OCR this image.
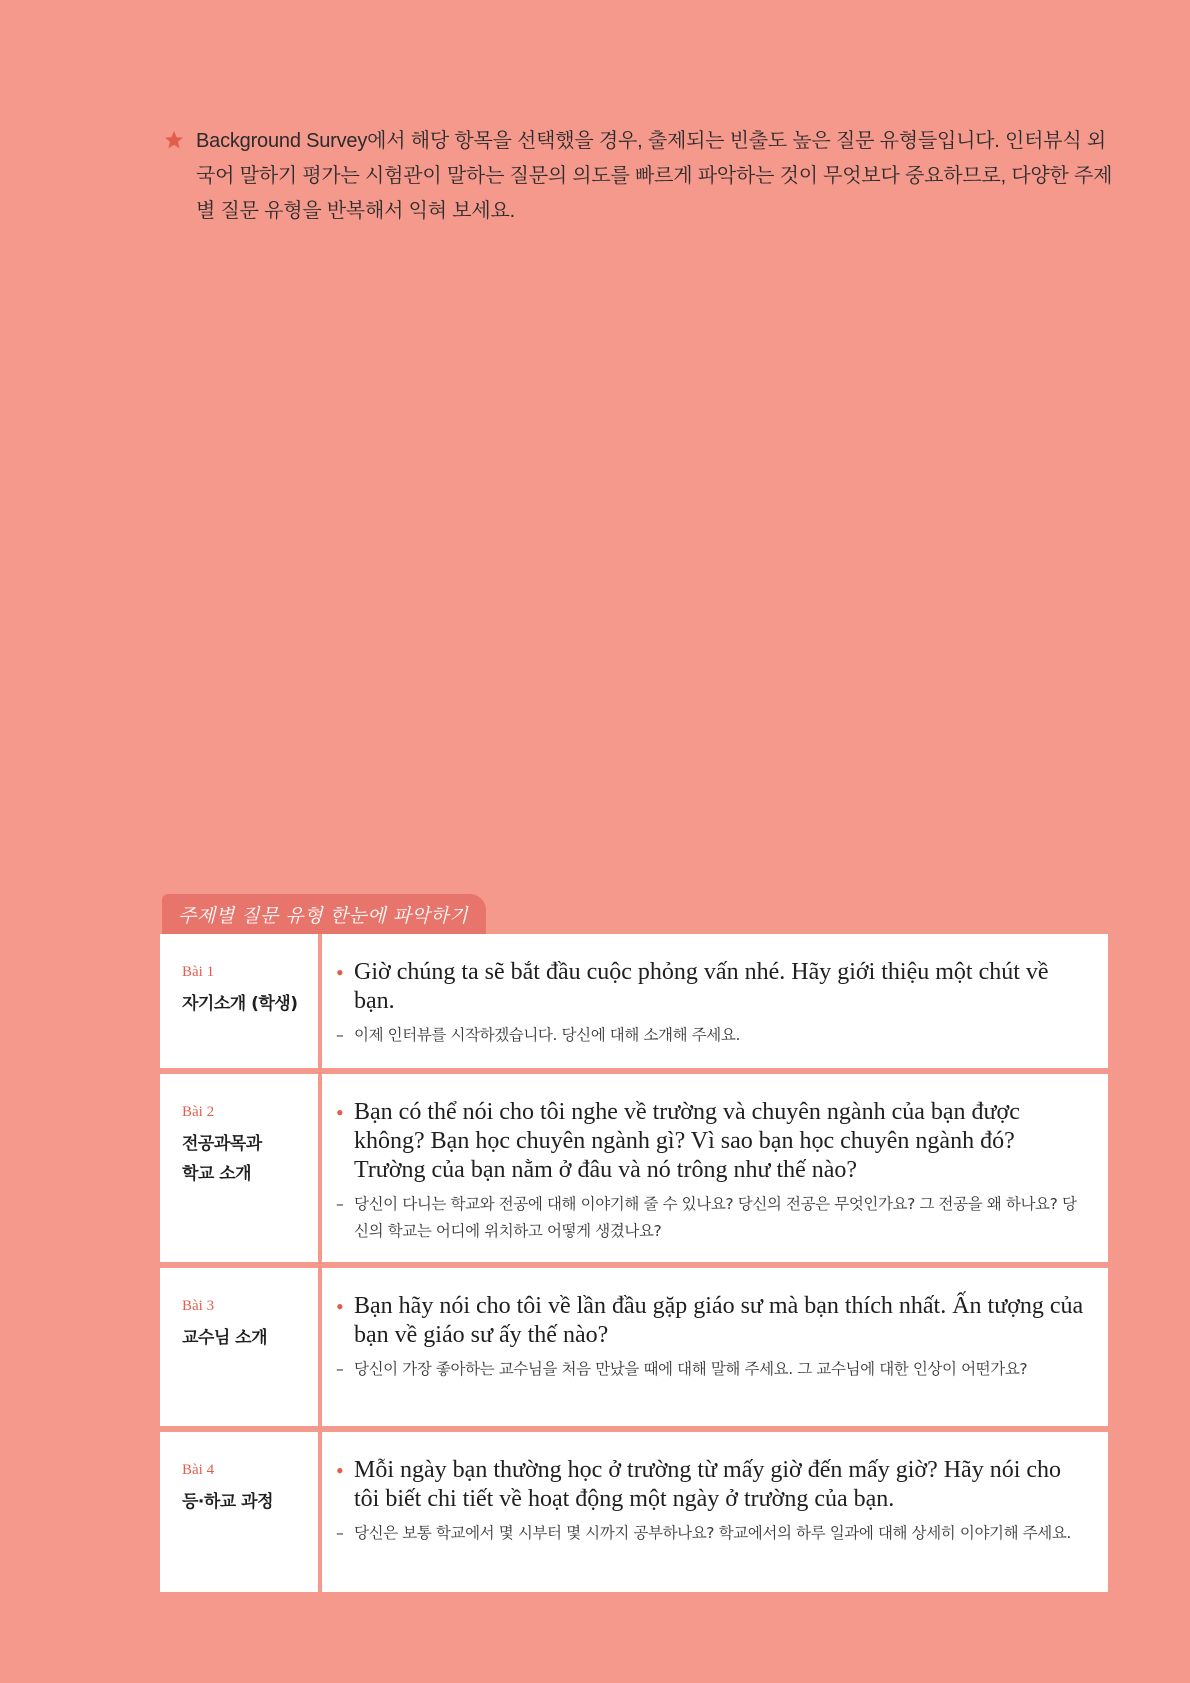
Background Survey에서 해당 항목을 선택했을 경우, 출제되는 빈출도 높은 질문 유형들입니다. 인터뷰식 외국어 말하기 평가는 시험관이 말하는 질문의 의도를 빠르게 파악하는 것이 무엇보다 중요하므로, 다양한 주제별 질문 유형을 반복해서 익혀 보세요.

주제별 질문 유형 한눈에 파악하기
Bài 1
자기소개 (학생)
• Giờ chúng ta sẽ bắt đầu cuộc phỏng vấn nhé. Hãy giới thiệu một chút về bạn.
– 이제 인터뷰를 시작하겠습니다. 당신에 대해 소개해 주세요.
Bài 2
전공과목과
학교 소개
• Bạn có thể nói cho tôi nghe về trường và chuyên ngành của bạn được không? Bạn học chuyên ngành gì? Vì sao bạn học chuyên ngành đó? Trường của bạn nằm ở đâu và nó trông như thế nào?
– 당신이 다니는 학교와 전공에 대해 이야기해 줄 수 있나요? 당신의 전공은 무엇인가요? 그 전공을 왜 하나요? 당신의 학교는 어디에 위치하고 어떻게 생겼나요?
Bài 3
교수님 소개
• Bạn hãy nói cho tôi về lần đầu gặp giáo sư mà bạn thích nhất. Ấn tượng của bạn về giáo sư ấy thế nào?
– 당신이 가장 좋아하는 교수님을 처음 만났을 때에 대해 말해 주세요. 그 교수님에 대한 인상이 어떤가요?
Bài 4
등·하교 과정
• Mỗi ngày bạn thường học ở trường từ mấy giờ đến mấy giờ? Hãy nói cho tôi biết chi tiết về hoạt động một ngày ở trường của bạn.
– 당신은 보통 학교에서 몇 시부터 몇 시까지 공부하나요? 학교에서의 하루 일과에 대해 상세히 이야기해 주세요.
